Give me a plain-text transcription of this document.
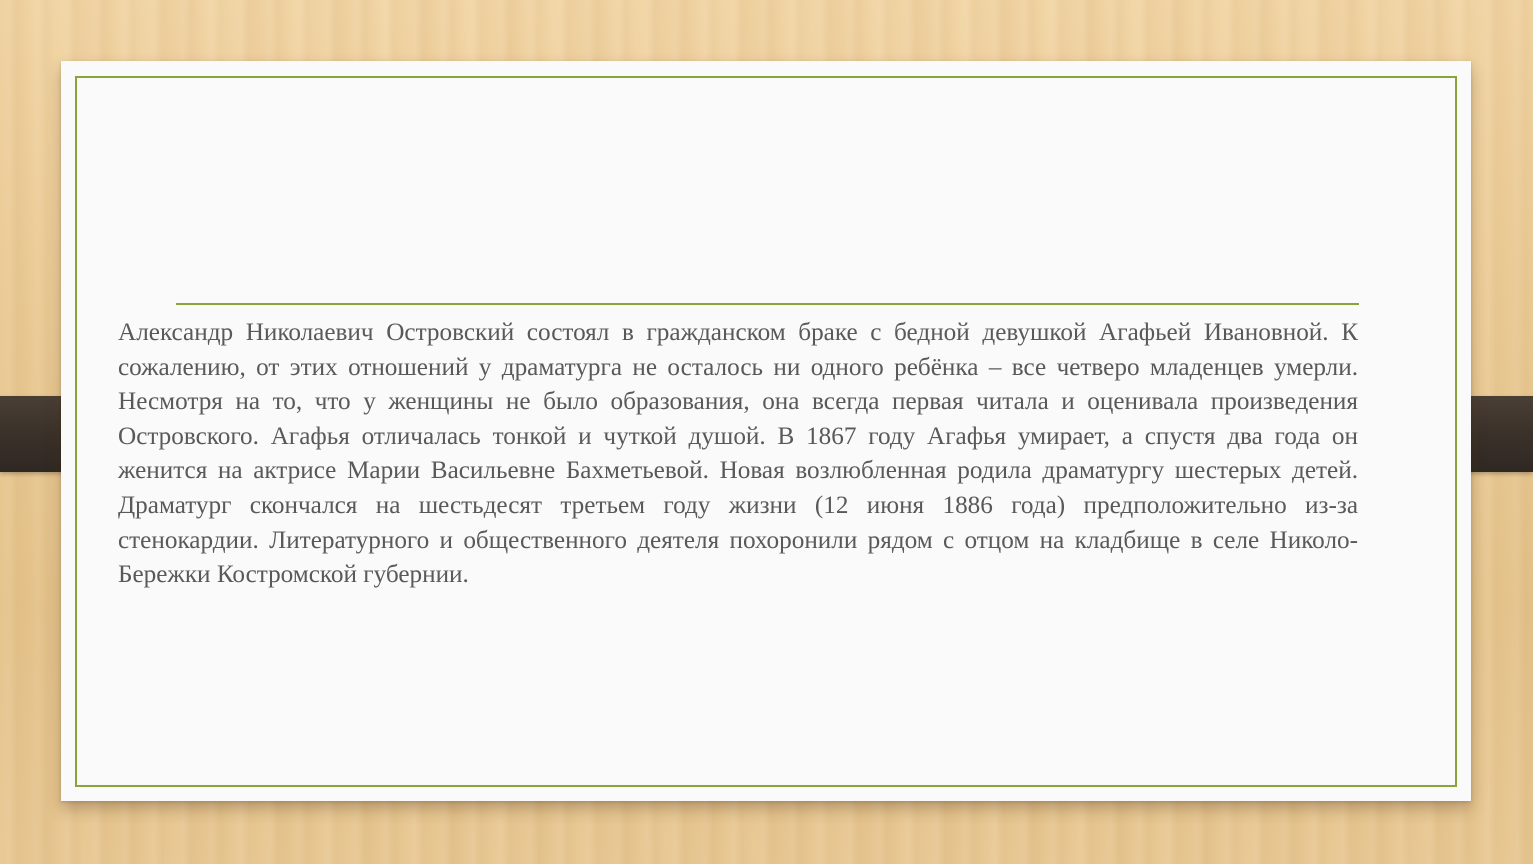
Александр Николаевич Островский состоял в гражданском браке с бедной девушкой Агафьей Ивановной. К сожалению, от этих отношений у драматурга не осталось ни одного ребёнка – все четверо младенцев умерли. Несмотря на то, что у женщины не было образования, она всегда первая читала и оценивала произведения Островского. Агафья отличалась тонкой и чуткой душой. В 1867 году Агафья умирает, а спустя два года он женится на актрисе Марии Васильевне Бахметьевой. Новая возлюбленная родила драматургу шестерых детей. Драматург скончался на шестьдесят третьем году жизни (12 июня 1886 года) предположительно из-за стенокардии. Литературного и общественного деятеля похоронили рядом с отцом на кладбище в селе Николо-Бережки Костромской губернии.
